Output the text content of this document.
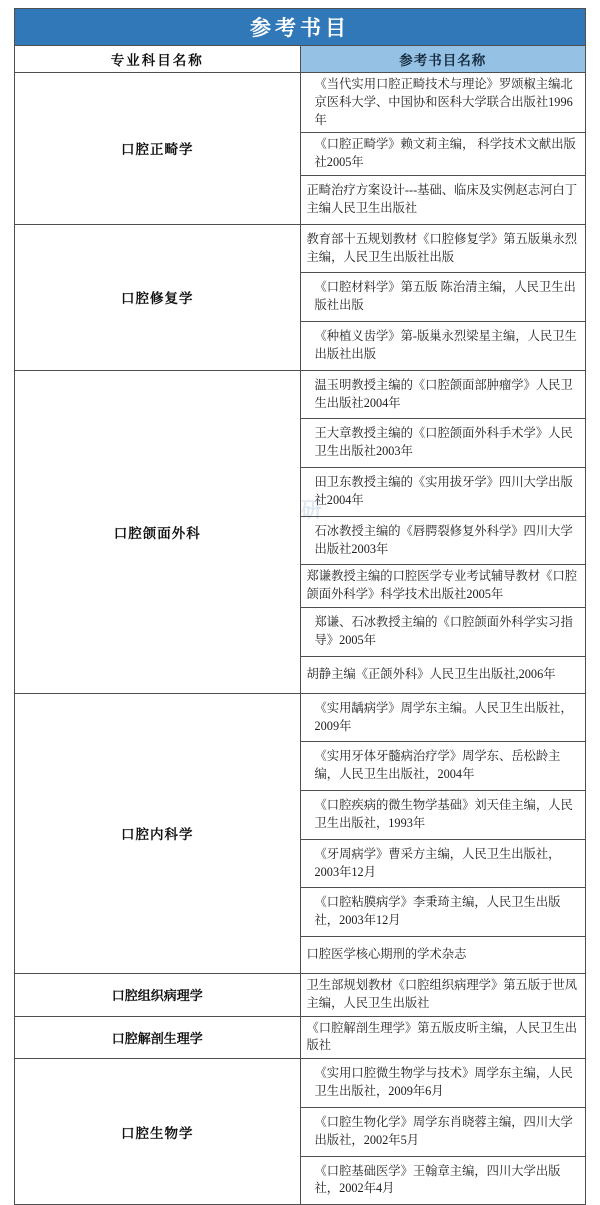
参考书目	
专业科目名称	参考书目名称
口腔正畸学	《当代实用口腔正畸技术与理论》罗颂椒主编北京医科大学、中国协和医科大学联合出版社1996年
	《口腔正畸学》赖文莉主编， 科学技术文献出版社2005年
	正畸治疗方案设计---基础、临床及实例赵志河白丁主编人民卫生出版社
口腔修复学	教育部十五规划教材《口腔修复学》第五版巢永烈主编，人民卫生出版社出版
	《口腔材料学》第五版 陈治清主编，人民卫生出版社出版
	《种植义齿学》第-版巢永烈梁星主编，人民卫生出版社出版
口腔颌面外科	温玉明教授主编的《口腔颌面部肿瘤学》人民卫生出版社2004年
	王大章教授主编的《口腔颌面外科手术学》人民卫生出版社2003年
	田卫东教授主编的《实用拔牙学》四川大学出版社2004年
	石冰教授主编的《唇腭裂修复外科学》四川大学出版社2003年
	郑谦教授主编的口腔医学专业考试辅导教材《口腔颌面外科学》科学技术出版社2005年
	郑谦、石冰教授主编的《口腔颌面外科学实习指导》2005年
	胡静主编《正颌外科》人民卫生出版社,2006年
口腔内科学	《实用龋病学》周学东主编。人民卫生出版社，2009年
	《实用牙体牙髓病治疗学》周学东、岳松龄主编，人民卫生出版社，2004年
	《口腔疾病的微生物学基础》刘天佳主编，人民卫生出版社，1993年
	《牙周病学》曹采方主编，人民卫生出版社，2003年12月
	《口腔粘膜病学》李秉琦主编，人民卫生出版社，2003年12月
	口腔医学核心期刑的学术杂志
口腔组织病理学	卫生部规划教材《口腔组织病理学》第五版于世凤主编，人民卫生出版社
口腔解剖生理学	《口腔解剖生理学》第五版皮昕主编，人民卫生出版社
口腔生物学	《实用口腔微生物学与技术》周学东主编，人民卫生出版社，2009年6月
	《口腔生物化学》周学东肖晓蓉主编，四川大学出版社，2002年5月
	《口腔基础医学》王翰章主编，四川大学出版社，2002年4月
